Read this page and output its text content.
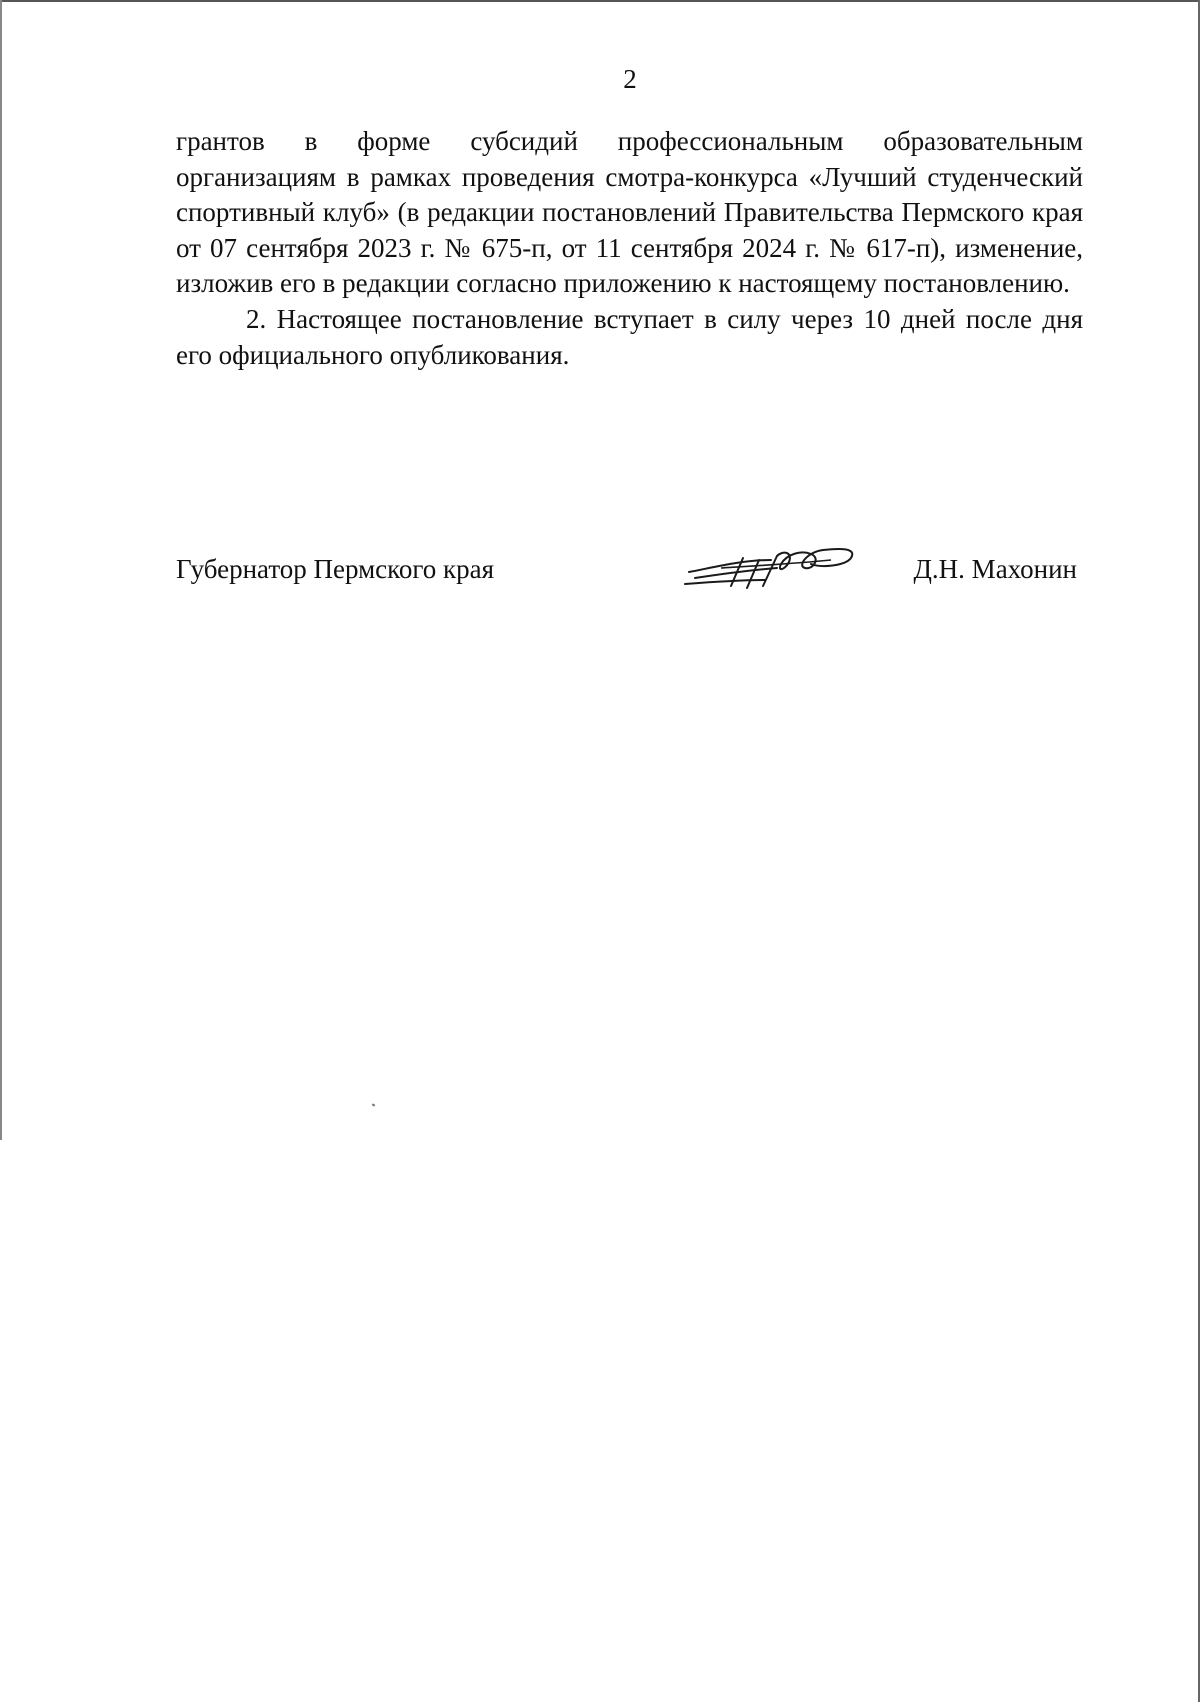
2

грантов в форме субсидий профессиональным образовательным организациям в рамках проведения смотра-конкурса «Лучший студенческий спортивный клуб» (в редакции постановлений Правительства Пермского края от 07 сентября 2023 г. № 675-п, от 11 сентября 2024 г. № 617-п), изменение, изложив его в редакции согласно приложению к настоящему постановлению.

2. Настоящее постановление вступает в силу через 10 дней после дня его официального опубликования.

Губернатор Пермского края	Д.Н. Махонин
